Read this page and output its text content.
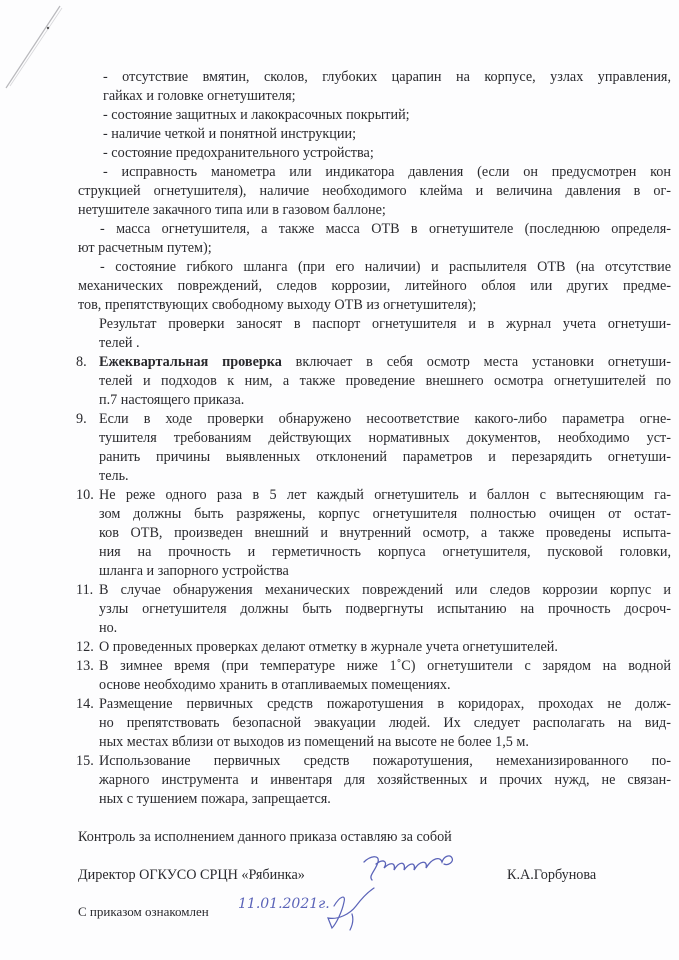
- отсутствие вмятин, сколов, глубоких царапин на корпусе, узлах управления,
гайках и головке огнетушителя;
- состояние защитных и лакокрасочных покрытий;
- наличие четкой и понятной инструкции;
- состояние предохранительного устройства;
- исправность манометра или индикатора давления (если он предусмотрен кон
струкцией огнетушителя), наличие необходимого клейма и величина давления в ог-
нетушителе закачного типа или в газовом баллоне;
- масса огнетушителя, а также масса ОТВ в огнетушителе (последнюю определя-
ют расчетным путем);
- состояние гибкого шланга (при его наличии) и распылителя ОТВ (на отсутствие
механических повреждений, следов коррозии, литейного облоя или других предме-
тов, препятствующих свободному выходу ОТВ из огнетушителя);
Результат проверки заносят в паспорт огнетушителя и в журнал учета огнетуши-
телей .
8. Ежеквартальная проверка включает в себя осмотр места установки огнетуши-
телей и подходов к ним, а также проведение внешнего осмотра огнетушителей по
п.7 настоящего приказа.
9. Если в ходе проверки обнаружено несоответствие какого-либо параметра огне-
тушителя требованиям действующих нормативных документов, необходимо уст-
ранить причины выявленных отклонений параметров и перезарядить огнетуши-
тель.
10. Не реже одного раза в 5 лет каждый огнетушитель и баллон с вытесняющим га-
зом должны быть разряжены, корпус огнетушителя полностью очищен от остат-
ков ОТВ, произведен внешний и внутренний осмотр, а также проведены испыта-
ния на прочность и герметичность корпуса огнетушителя, пусковой головки,
шланга и запорного устройства
11. В случае обнаружения механических повреждений или следов коррозии корпус и
узлы огнетушителя должны быть подвергнуты испытанию на прочность досроч-
но.
12. О проведенных проверках делают отметку в журнале учета огнетушителей.
13. В зимнее время (при температуре ниже 1˚С) огнетушители с зарядом на водной
основе необходимо хранить в отапливаемых помещениях.
14. Размещение первичных средств пожаротушения в коридорах, проходах не долж-
но препятствовать безопасной эвакуации людей. Их следует располагать на вид-
ных местах вблизи от выходов из помещений на высоте не более 1,5 м.
15. Использование первичных средств пожаротушения, немеханизированного по-
жарного инструмента и инвентаря для хозяйственных и прочих нужд, не связан-
ных с тушением пожара, запрещается.
Контроль за исполнением данного приказа оставляю за собой
Директор ОГКУСО СРЦН «Рябинка»	К.А.Горбунова
С приказом ознакомлен 11.01.2021г.
